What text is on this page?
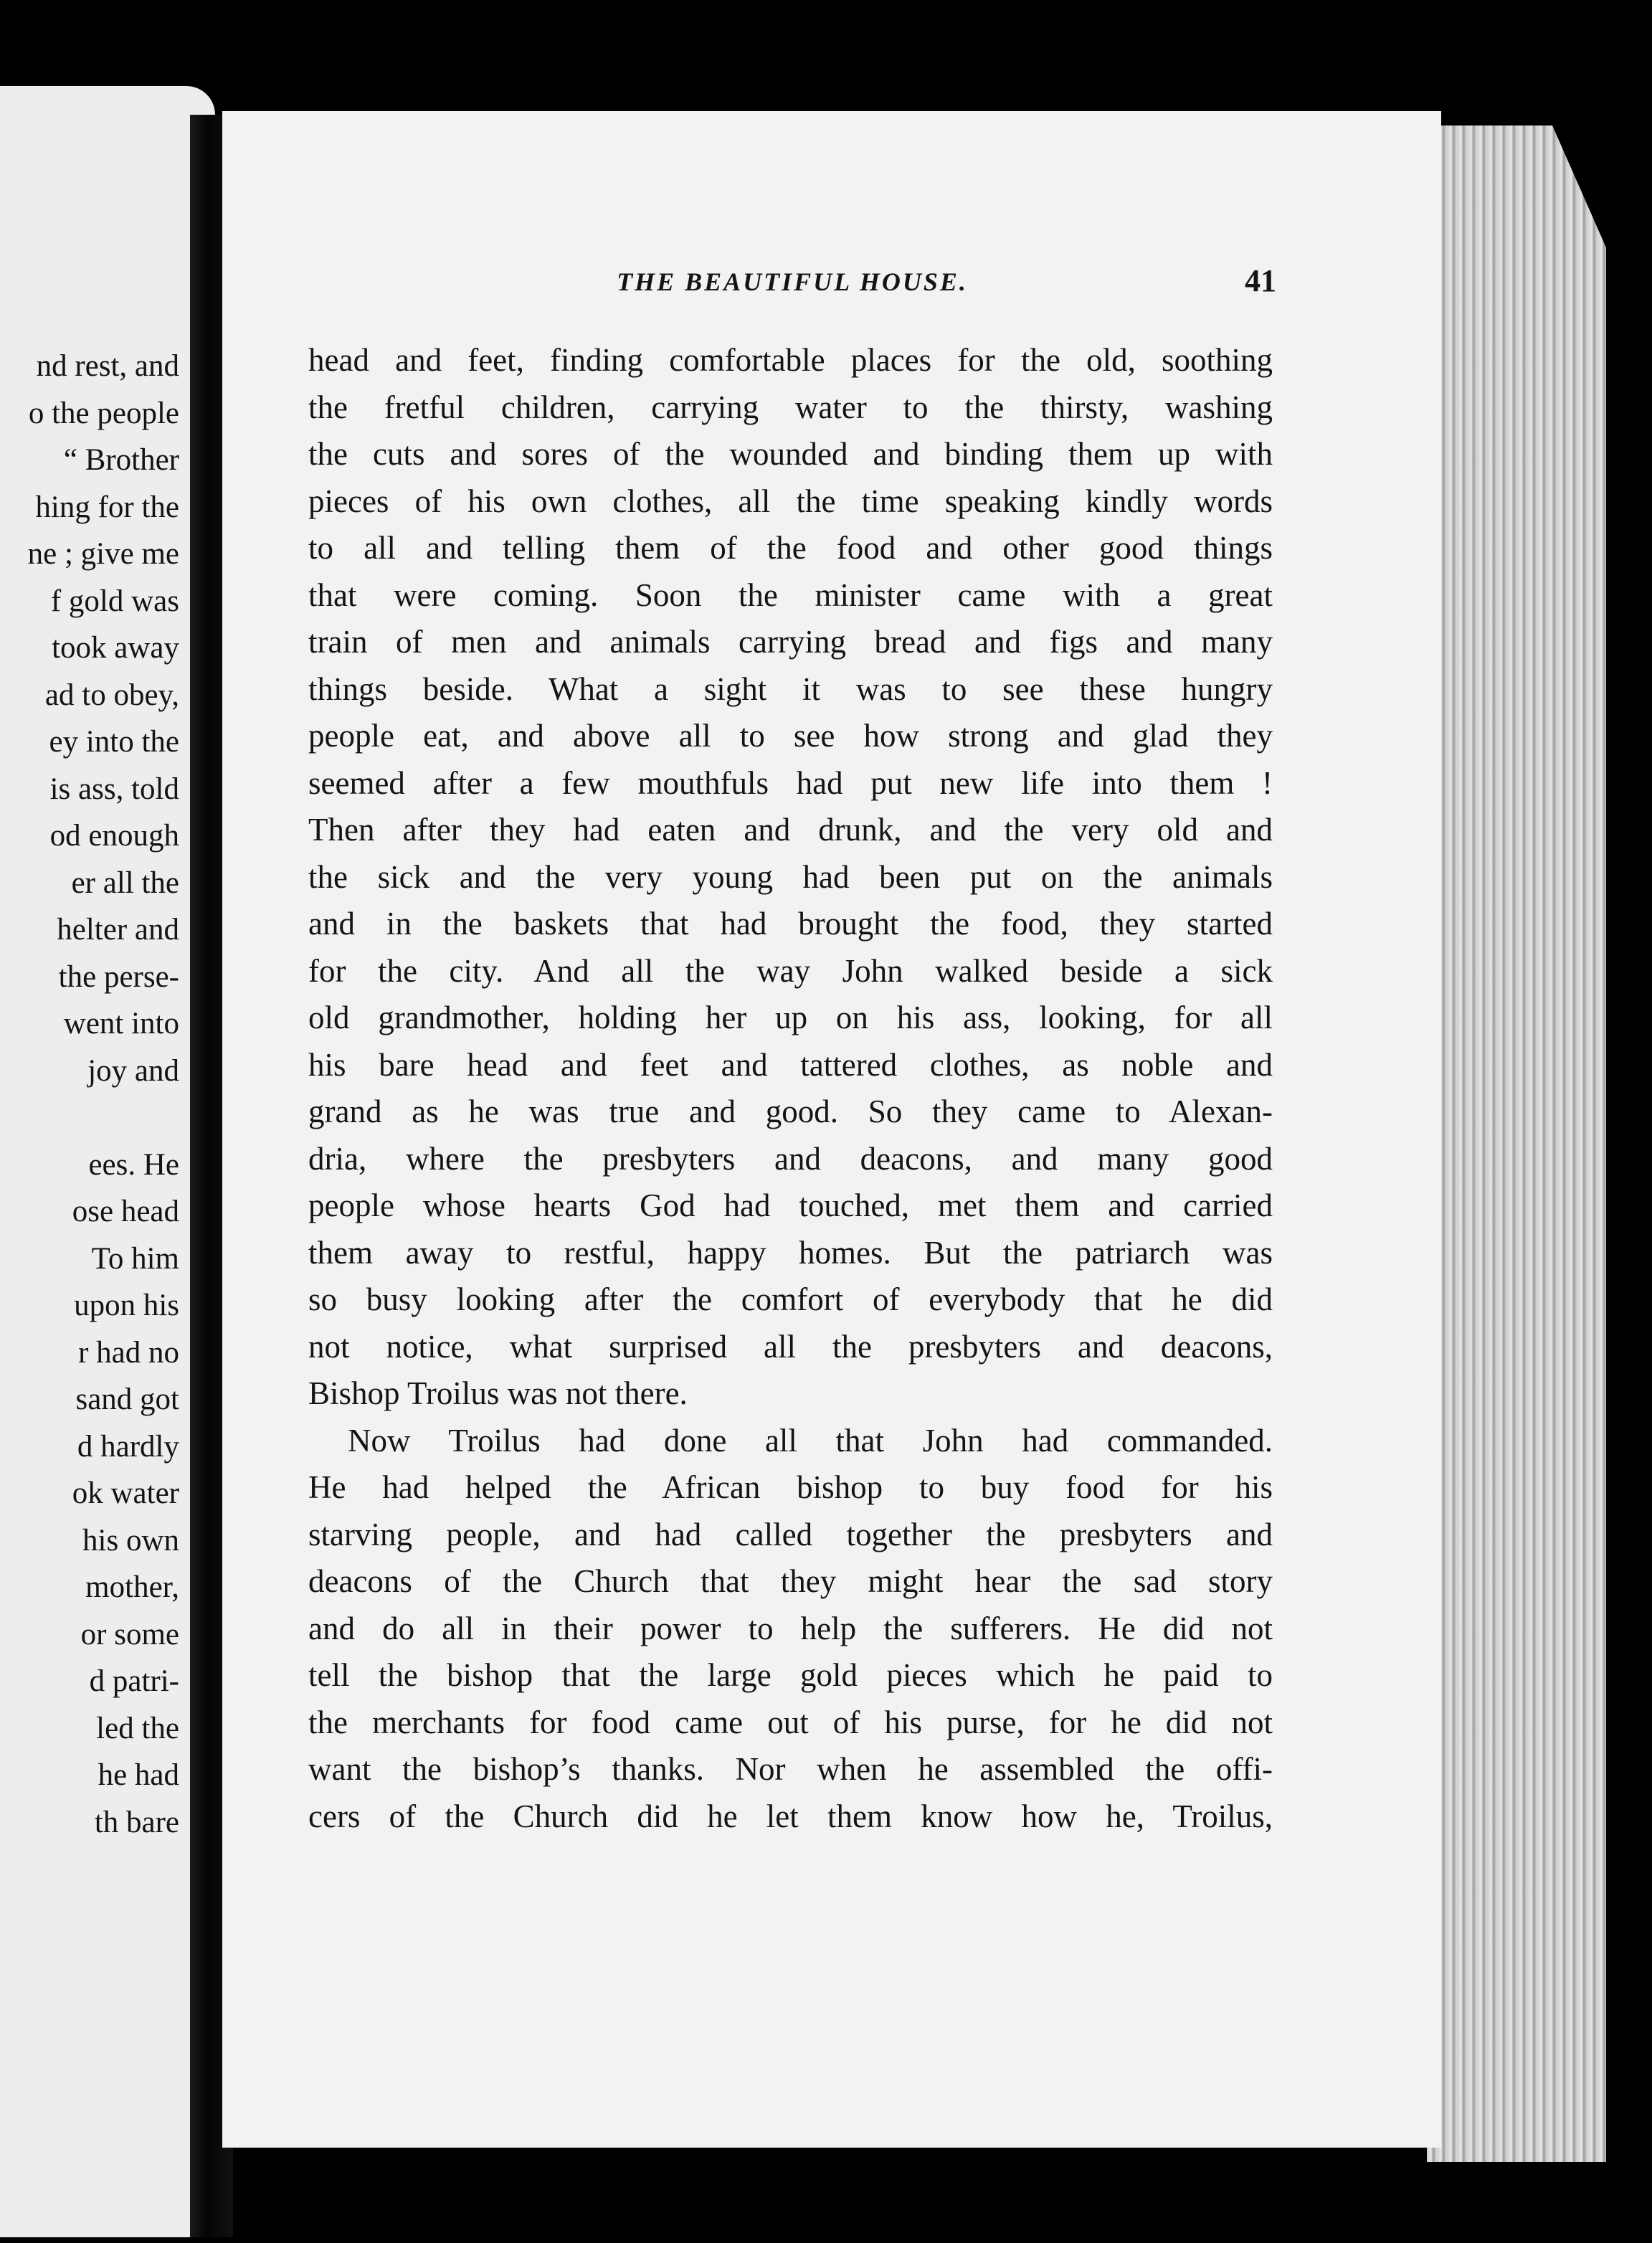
nd rest, and
o the people
“ Brother
hing for the
ne ; give me
f gold was
took away
ad to obey,
ey into the
is ass, told
od enough
er all the
helter and
the perse-
went into
joy and
ees. He
ose head
To him
upon his
r had no
sand got
d hardly
ok water
his own
mother,
or some
d patri-
led the
he had
th bare
THE BEAUTIFUL HOUSE.	41
head and feet, finding comfortable places for the old, soothing
the fretful children, carrying water to the thirsty, washing
the cuts and sores of the wounded and binding them up with
pieces of his own clothes, all the time speaking kindly words
to all and telling them of the food and other good things
that were coming. Soon the minister came with a great
train of men and animals carrying bread and figs and many
things beside. What a sight it was to see these hungry
people eat, and above all to see how strong and glad they
seemed after a few mouthfuls had put new life into them !
Then after they had eaten and drunk, and the very old and
the sick and the very young had been put on the animals
and in the baskets that had brought the food, they started
for the city. And all the way John walked beside a sick
old grandmother, holding her up on his ass, looking, for all
his bare head and feet and tattered clothes, as noble and
grand as he was true and good. So they came to Alexan-
dria, where the presbyters and deacons, and many good
people whose hearts God had touched, met them and carried
them away to restful, happy homes. But the patriarch was
so busy looking after the comfort of everybody that he did
not notice, what surprised all the presbyters and deacons,
Bishop Troilus was not there.
Now Troilus had done all that John had commanded.
He had helped the African bishop to buy food for his
starving people, and had called together the presbyters and
deacons of the Church that they might hear the sad story
and do all in their power to help the sufferers. He did not
tell the bishop that the large gold pieces which he paid to
the merchants for food came out of his purse, for he did not
want the bishop’s thanks. Nor when he assembled the offi-
cers of the Church did he let them know how he, Troilus,
